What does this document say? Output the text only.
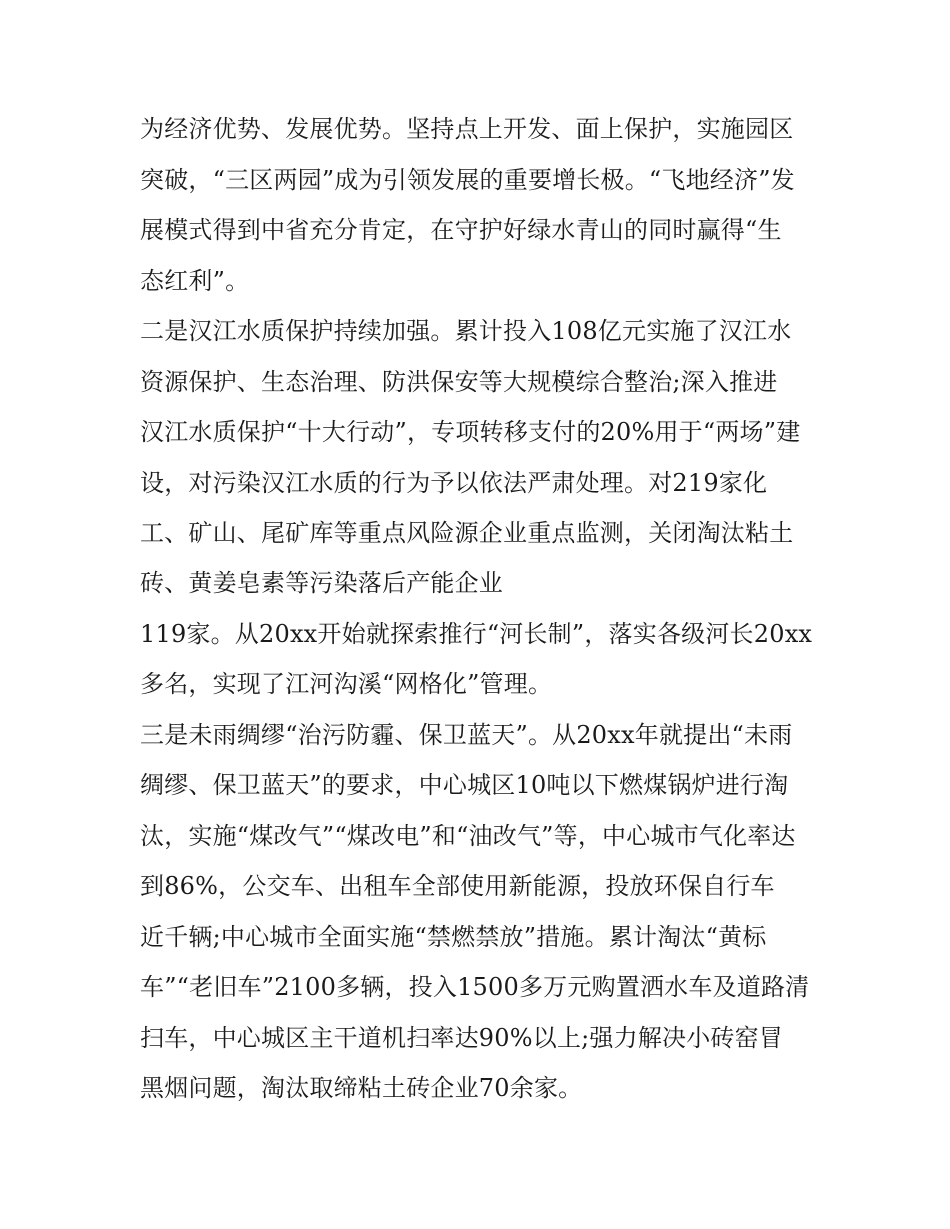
为经济优势、发展优势。坚持点上开发、面上保护，实施园区
突破，“三区两园”成为引领发展的重要增长极。“飞地经济”发
展模式得到中省充分肯定，在守护好绿水青山的同时赢得“生
态红利”。
二是汉江水质保护持续加强。累计投入108亿元实施了汉江水
资源保护、生态治理、防洪保安等大规模综合整治;深入推进
汉江水质保护“十大行动”，专项转移支付的20%用于“两场”建
设，对污染汉江水质的行为予以依法严肃处理。对219家化
工、矿山、尾矿库等重点风险源企业重点监测，关闭淘汰粘土
砖、黄姜皂素等污染落后产能企业
119家。从20xx开始就探索推行“河长制”，落实各级河长20xx
多名，实现了江河沟溪“网格化”管理。
三是未雨绸缪“治污防霾、保卫蓝天”。从20xx年就提出“未雨
绸缪、保卫蓝天”的要求，中心城区10吨以下燃煤锅炉进行淘
汰，实施“煤改气”“煤改电”和“油改气”等，中心城市气化率达
到86%，公交车、出租车全部使用新能源，投放环保自行车
近千辆;中心城市全面实施“禁燃禁放”措施。累计淘汰“黄标
车”“老旧车”2100多辆，投入1500多万元购置洒水车及道路清
扫车，中心城区主干道机扫率达90%以上;强力解决小砖窑冒
黑烟问题，淘汰取缔粘土砖企业70余家。
